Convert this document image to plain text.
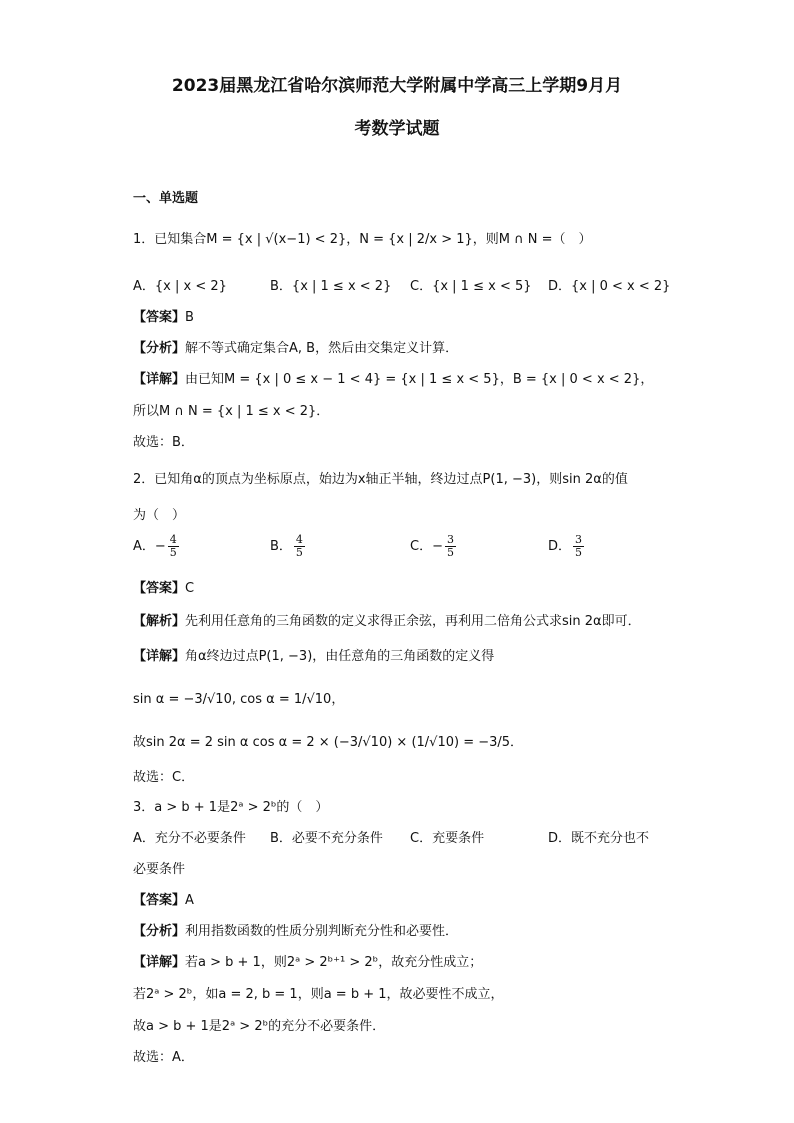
2023届黑龙江省哈尔滨师范大学附属中学高三上学期9月月
考数学试题
一、单选题
1．已知集合M = {x | √(x−1) < 2}，N = {x | 2/x > 1}，则M ∩ N =（　）
A．{x | x < 2}	B．{x | 1 ≤ x < 2} C．{x | 1 ≤ x < 5} D．{x | 0 < x < 2}
【答案】B
【分析】解不等式确定集合A, B，然后由交集定义计算．
【详解】由已知M = {x | 0 ≤ x − 1 < 4} = {x | 1 ≤ x < 5}，B = {x | 0 < x < 2}，
所以M ∩ N = {x | 1 ≤ x < 2}．
故选：B．
2．已知角α的顶点为坐标原点，始边为x轴正半轴，终边过点P(1, −3)，则sin 2α的值
为（　）
A．− $\frac{4}{5}$	B． $\frac{4}{5}$	C．− $\frac{3}{5}$	D． $\frac{3}{5}$
【答案】C
【解析】先利用任意角的三角函数的定义求得正余弦，再利用二倍角公式求sin 2α即可．
【详解】角α终边过点P(1, −3)，由任意角的三角函数的定义得
sin α = −3/√10, cos α = 1/√10，
故sin 2α = 2 sin α cos α = 2 × (−3/√10) × (1/√10) = −3/5．
故选：C．
3．a > b + 1是2ᵃ > 2ᵇ的（　）
A．充分不必要条件 B．必要不充分条件 C．充要条件	D．既不充分也不
必要条件
【答案】A
【分析】利用指数函数的性质分别判断充分性和必要性．
【详解】若a > b + 1，则2ᵃ > 2ᵇ⁺¹ > 2ᵇ，故充分性成立；
若2ᵃ > 2ᵇ，如a = 2, b = 1，则a = b + 1，故必要性不成立，
故a > b + 1是2ᵃ > 2ᵇ的充分不必要条件．
故选：A．
